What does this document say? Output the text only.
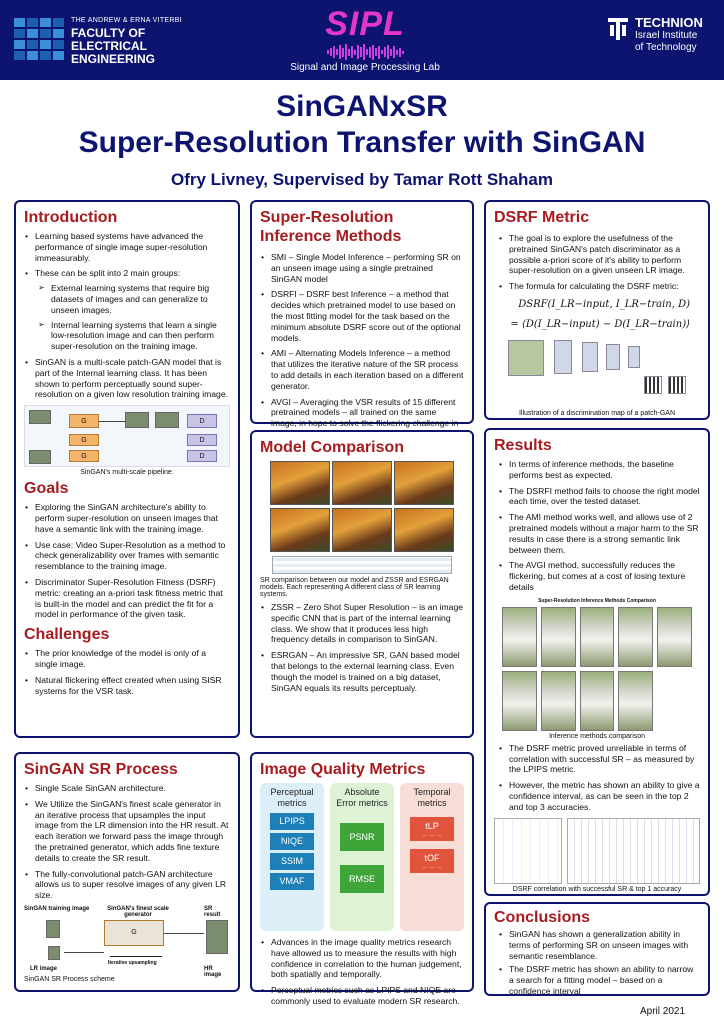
THE ANDREW & ERNA VITERBI
FACULTY OF
ELECTRICAL
ENGINEERING
SIPL
Signal and Image Processing Lab
TECHNION
Israel Institute
of Technology
SinGANxSR
Super-Resolution Transfer with SinGAN
Ofry Livney, Supervised by Tamar Rott Shaham
Introduction
• Learning based systems have advanced the performance of single image super-resolution immeasurably.
• These can be split into 2 main groups:
➢ External learning systems that require big datasets of images and can generalize to unseen images.
➢ Internal learning systems that learn a single low-resolution image and can then perform super-resolution on the training image.
• SinGAN is a multi-scale patch-GAN model that is part of the Internal learning class. It has been shown to perform perceptually sound super-resolution on a given low resolution training image.
G
G
G
D
D
D
SinGAN's multi-scale pipeline.
Goals
• Exploring the SinGAN architecture's ability to perform super-resolution on unseen images that have a semantic link with the training image.
• Use case: Video Super-Resolution as a method to check generalizability over frames with semantic resemblance to the training image.
• Discriminator Super-Resolution Fitness (DSRF) metric: creating an a-priori task fitness metric that is built-in the model and can predict the fit for a model in performance of the given task.
Challenges
• The prior knowledge of the model is only of a single image.
• Natural flickering effect created when using SISR systems for the VSR task.
Super-Resolution Inference Methods
• SMI – Single Model Inference – performing SR on an unseen image using a single pretrained SinGAN model
• DSRFI – DSRF best Inference – a method that decides which pretrained model to use based on the most fitting model for the task based on the minimum absolute DSRF score out of the optional models.
• AMI – Alternating Models Inference – a method that utilizes the iterative nature of the SR process to add details in each iteration based on a different generator.
• AVGI – Averaging the VSR results of 15 different pretrained models – all trained on the same image, in hope to solve the flickering challenge in
Model Comparison
SR comparison between our model and ZSSR and ESRGAN models. Each representing A different class of SR learning systems.
• ZSSR – Zero Shot Super Resolution – is an image specific CNN that is part of the internal learning class. We show that it produces less high frequency details in comparison to SinGAN.
• ESRGAN – An impressive SR, GAN based model that belongs to the external learning class. Even though the model is trained on a big dataset, SinGAN equals its results perceptualy.
DSRF Metric
• The goal is to explore the usefulness of the pretrained SinGAN's patch discriminator as a possible a-priori score of it's ability to perform super-resolution on a given unseen LR image.
• The formula for calculating the DSRF metric:
DSRF(I_LR−input, I_LR−train, D)
= ⟨D(I_LR−input) − D(I_LR−train)⟩
Illustration of a discrimination map of a patch-GAN
Results
• In terms of inference methods, the baseline performs best as expected.
• The DSRFI method fails to choose the right model each time, over the tested dataset.
• The AMI method works well, and allows use of 2 pretrained models without a major harm to the SR results in case there is a strong semantic link between them.
• The AVGI method, successfully reduces the flickering, but comes at a cost of losing texture details
Super-Resolution Inference Methods Comparison
Inference methods comparison
• The DSRF metric proved unreliable in terms of correlation with successful SR – as measured by the LPIPS metric.
• However, the metric has shown an ability to give a confidence interval, as can be seen in the top 2 and top 3 accuracies.
DSRF correlation with successful SR & top 1 accuracy
SinGAN SR Process
• Single Scale SinGAN architecture.
• We Utilize the SinGAN's finest scale generator in an iterative process that upsamples the input image from the LR dimension into the HR result. At each iteration we forward pass the image through the pretrained generator, which adds fine texture details to create the SR result.
• The fully-convolutional patch-GAN architecture allows us to super resolve images of any given LR size.
SinGAN training image	SinGAN's finest scale generator
SR result
G
LR image
Iterative upsampling
HR image
SinGAN SR Process scheme
Image Quality Metrics
Perceptual metrics
LPIPS
NIQE
SSIM
VMAF
Absolute Error metrics
PSNR
RMSE
Temporal metrics
tLP
— · — · —
tOF
— · — · —
• Advances in the image quality metrics research have allowed us to measure the results with high confidence in correlation to the human judgement, both spatially and temporally.
• Perceptual metrics such as LPIPS and NIQE are commonly used to evaluate modern SR research.
Conclusions
• SinGAN has shown a generalization ability in terms of performing SR on unseen images with semantic resemblance.
• The DSRF metric has shown an ability to narrow a search for a fitting model – based on a confidence interval
April 2021
